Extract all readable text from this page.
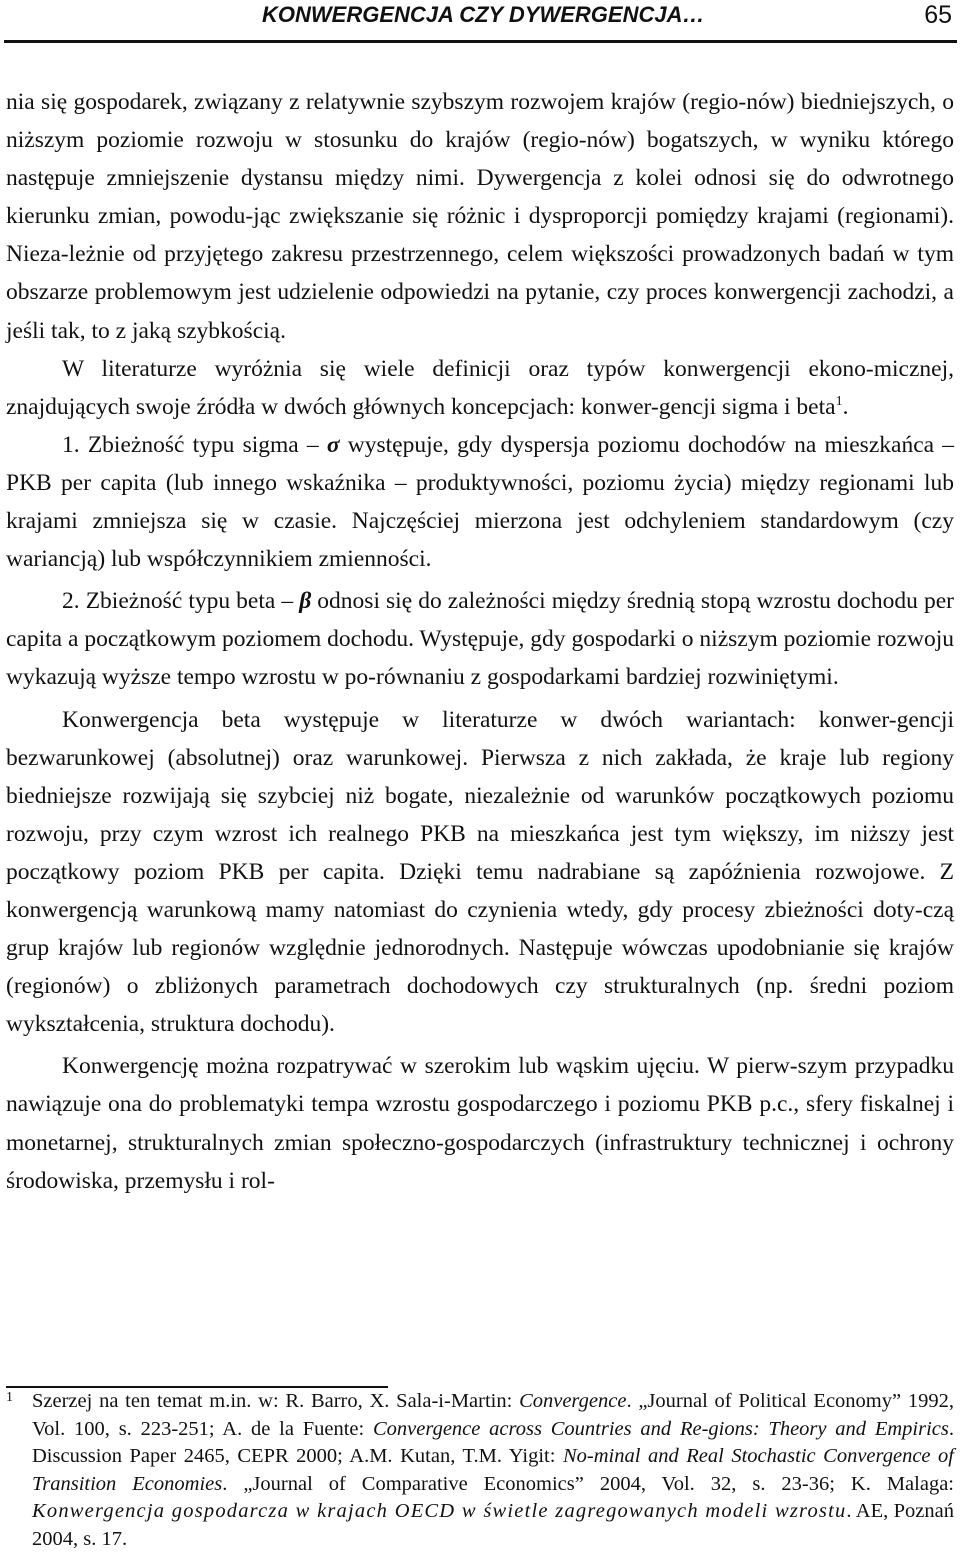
KONWERGENCJA CZY DYWERGENCJA…	65

nia się gospodarek, związany z relatywnie szybszym rozwojem krajów (regio-nów) biedniejszych, o niższym poziomie rozwoju w stosunku do krajów (regio-nów) bogatszych, w wyniku którego następuje zmniejszenie dystansu między nimi. Dywergencja z kolei odnosi się do odwrotnego kierunku zmian, powodu-jąc zwiększanie się różnic i dysproporcji pomiędzy krajami (regionami). Nieza-leżnie od przyjętego zakresu przestrzennego, celem większości prowadzonych badań w tym obszarze problemowym jest udzielenie odpowiedzi na pytanie, czy proces konwergencji zachodzi, a jeśli tak, to z jaką szybkością.

W literaturze wyróżnia się wiele definicji oraz typów konwergencji ekono-micznej, znajdujących swoje źródła w dwóch głównych koncepcjach: konwer-gencji sigma i beta$^1$.

1. Zbieżność typu sigma – σ występuje, gdy dyspersja poziomu dochodów na mieszkańca – PKB per capita (lub innego wskaźnika – produktywności, poziomu życia) między regionami lub krajami zmniejsza się w czasie. Najczęściej mierzona jest odchyleniem standardowym (czy wariancją) lub współczynnikiem zmienności.

2. Zbieżność typu beta – β odnosi się do zależności między średnią stopą wzrostu dochodu per capita a początkowym poziomem dochodu. Występuje, gdy gospodarki o niższym poziomie rozwoju wykazują wyższe tempo wzrostu w po-równaniu z gospodarkami bardziej rozwiniętymi.

Konwergencja beta występuje w literaturze w dwóch wariantach: konwer-gencji bezwarunkowej (absolutnej) oraz warunkowej. Pierwsza z nich zakłada, że kraje lub regiony biedniejsze rozwijają się szybciej niż bogate, niezależnie od warunków początkowych poziomu rozwoju, przy czym wzrost ich realnego PKB na mieszkańca jest tym większy, im niższy jest początkowy poziom PKB per capita. Dzięki temu nadrabiane są zapóźnienia rozwojowe. Z konwergencją warunkową mamy natomiast do czynienia wtedy, gdy procesy zbieżności doty-czą grup krajów lub regionów względnie jednorodnych. Następuje wówczas upodobnianie się krajów (regionów) o zbliżonych parametrach dochodowych czy strukturalnych (np. średni poziom wykształcenia, struktura dochodu).

Konwergencję można rozpatrywać w szerokim lub wąskim ujęciu. W pierw-szym przypadku nawiązuje ona do problematyki tempa wzrostu gospodarczego i poziomu PKB p.c., sfery fiskalnej i monetarnej, strukturalnych zmian społeczno-gospodarczych (infrastruktury technicznej i ochrony środowiska, przemysłu i rol-

1 Szerzej na ten temat m.in. w: R. Barro, X. Sala-i-Martin: Convergence. „Journal of Political Economy” 1992, Vol. 100, s. 223-251; A. de la Fuente: Convergence across Countries and Re-gions: Theory and Empirics. Discussion Paper 2465, CEPR 2000; A.M. Kutan, T.M. Yigit: No-minal and Real Stochastic Convergence of Transition Economies. „Journal of Comparative Economics” 2004, Vol. 32, s. 23-36; K. Malaga: Konwergencja gospodarcza w krajach OECD w świetle zagregowanych modeli wzrostu. AE, Poznań 2004, s. 17.
